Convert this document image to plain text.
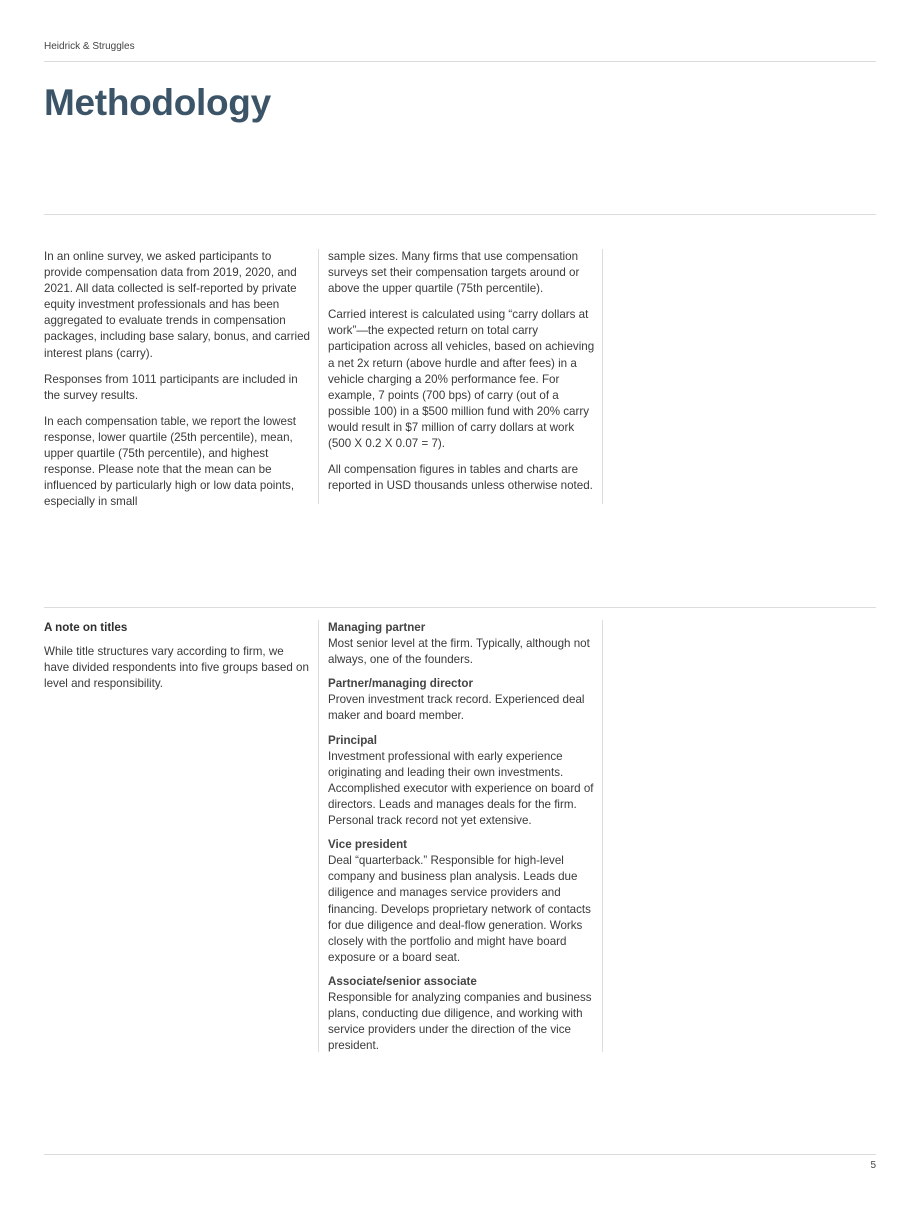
Heidrick & Struggles
Methodology

In an online survey, we asked participants to provide compensation data from 2019, 2020, and 2021. All data collected is self-reported by private equity investment professionals and has been aggregated to evaluate trends in compensation packages, including base salary, bonus, and carried interest plans (carry).

Responses from 1011 participants are included in the survey results.

In each compensation table, we report the lowest response, lower quartile (25th percentile), mean, upper quartile (75th percentile), and highest response. Please note that the mean can be influenced by particularly high or low data points, especially in small

sample sizes. Many firms that use compensation surveys set their compensation targets around or above the upper quartile (75th percentile).

Carried interest is calculated using “carry dollars at work”—the expected return on total carry participation across all vehicles, based on achieving a net 2x return (above hurdle and after fees) in a vehicle charging a 20% performance fee. For example, 7 points (700 bps) of carry (out of a possible 100) in a $500 million fund with 20% carry would result in $7 million of carry dollars at work (500 X 0.2 X 0.07 = 7).

All compensation figures in tables and charts are reported in USD thousands unless otherwise noted.

A note on titles

While title structures vary according to firm, we have divided respondents into five groups based on level and responsibility.

Managing partner
Most senior level at the firm. Typically, although not always, one of the founders.
Partner/managing director
Proven investment track record. Experienced deal maker and board member.
Principal
Investment professional with early experience originating and leading their own investments. Accomplished executor with experience on board of directors. Leads and manages deals for the firm. Personal track record not yet extensive.
Vice president
Deal “quarterback.” Responsible for high-level company and business plan analysis. Leads due diligence and manages service providers and financing. Develops proprietary network of contacts for due diligence and deal-flow generation. Works closely with the portfolio and might have board exposure or a board seat.
Associate/senior associate
Responsible for analyzing companies and business plans, conducting due diligence, and working with service providers under the direction of the vice president.
5
